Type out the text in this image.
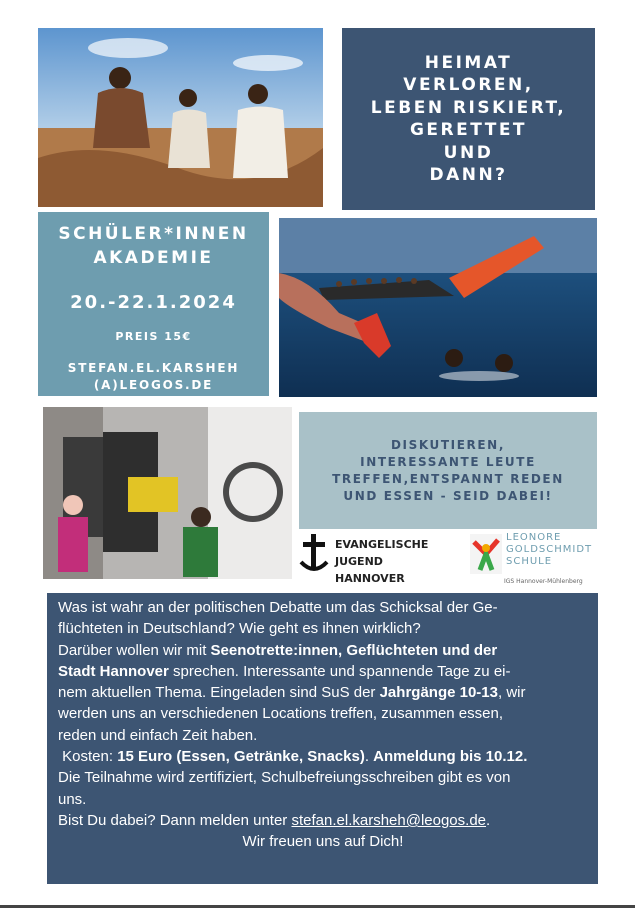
HEIMAT
VERLOREN,
LEBEN RISKIERT,
GERETTET
UND
DANN?
SCHÜLER*INNEN
AKADEMIE
20.-22.1.2024
PREIS 15€
STEFAN.EL.KARSHEH
(A)LEOGOS.DE
DISKUTIEREN,
INTERESSANTE LEUTE
TREFFEN,ENTSPANNT REDEN
UND ESSEN - SEID DABEI!
EVANGELISCHE
JUGEND HANNOVER
LEONORE
GOLDSCHMIDT
SCHULE
IGS Hannover-Mühlenberg

Was ist wahr an der politischen Debatte um das Schicksal der Ge-
flüchteten in Deutschland? Wie geht es ihnen wirklich?

Darüber wollen wir mit Seenotrette:innen, Geflüchteten und der
Stadt Hannover sprechen. Interessante und spannende Tage zu ei-
nem aktuellen Thema. Eingeladen sind SuS der Jahrgänge 10-13, wir
werden uns an verschiedenen Locations treffen, zusammen essen,
reden und einfach Zeit haben.

Kosten: 15 Euro (Essen, Getränke, Snacks). Anmeldung bis 10.12.

Die Teilnahme wird zertifiziert, Schulbefreiungsschreiben gibt es von
uns.

Bist Du dabei? Dann melden unter stefan.el.karsheh@leogos.de.

Wir freuen uns auf Dich!
